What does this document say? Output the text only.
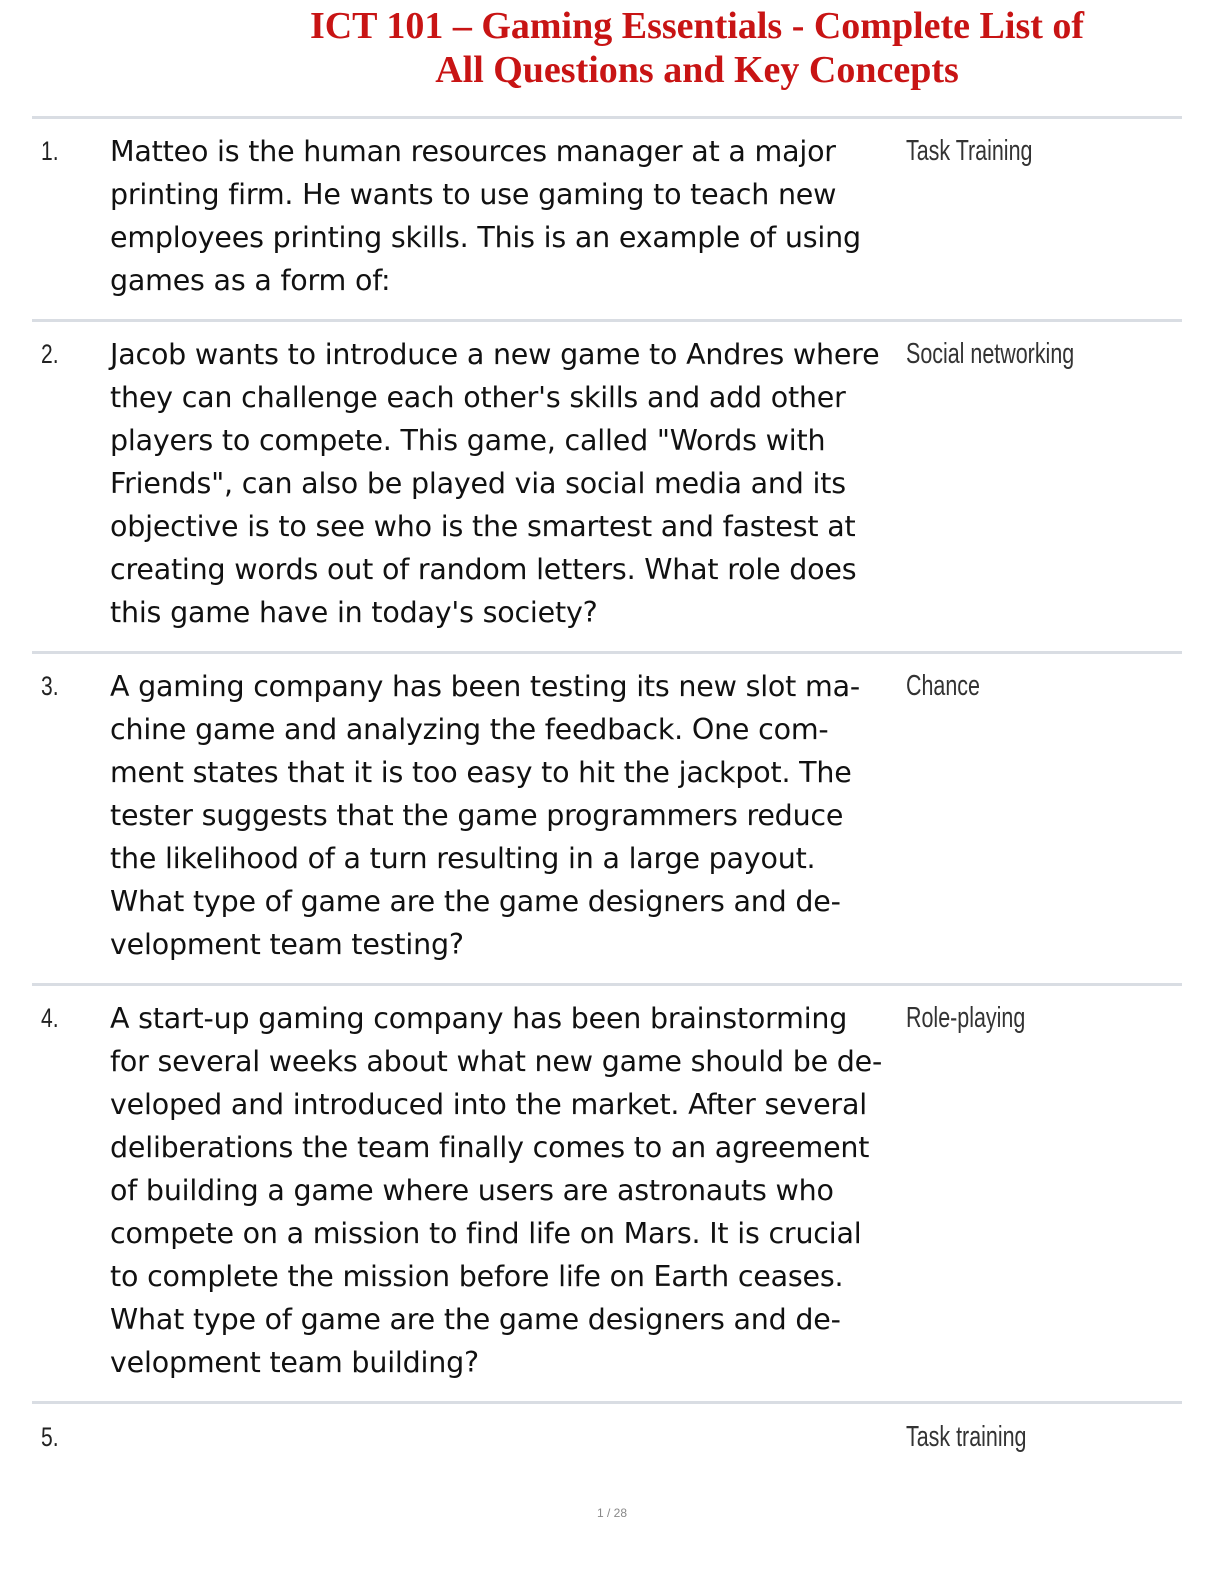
ICT 101 – Gaming Essentials - Complete List of
All Questions and Key Concepts
1. Matteo is the human resources manager at a major
printing firm. He wants to use gaming to teach new
employees printing skills. This is an example of using
games as a form of:
Task Training
2. Jacob wants to introduce a new game to Andres where
they can challenge each other's skills and add other
players to compete. This game, called "Words with
Friends", can also be played via social media and its
objective is to see who is the smartest and fastest at
creating words out of random letters. What role does
this game have in today's society?
Social networking
3. A gaming company has been testing its new slot ma-
chine game and analyzing the feedback. One com-
ment states that it is too easy to hit the jackpot. The
tester suggests that the game programmers reduce
the likelihood of a turn resulting in a large payout.
What type of game are the game designers and de-
velopment team testing?
Chance
4. A start-up gaming company has been brainstorming
for several weeks about what new game should be de-
veloped and introduced into the market. After several
deliberations the team finally comes to an agreement
of building a game where users are astronauts who
compete on a mission to find life on Mars. It is crucial
to complete the mission before life on Earth ceases.
What type of game are the game designers and de-
velopment team building?
Role-playing
5.	Task training
1 / 28
